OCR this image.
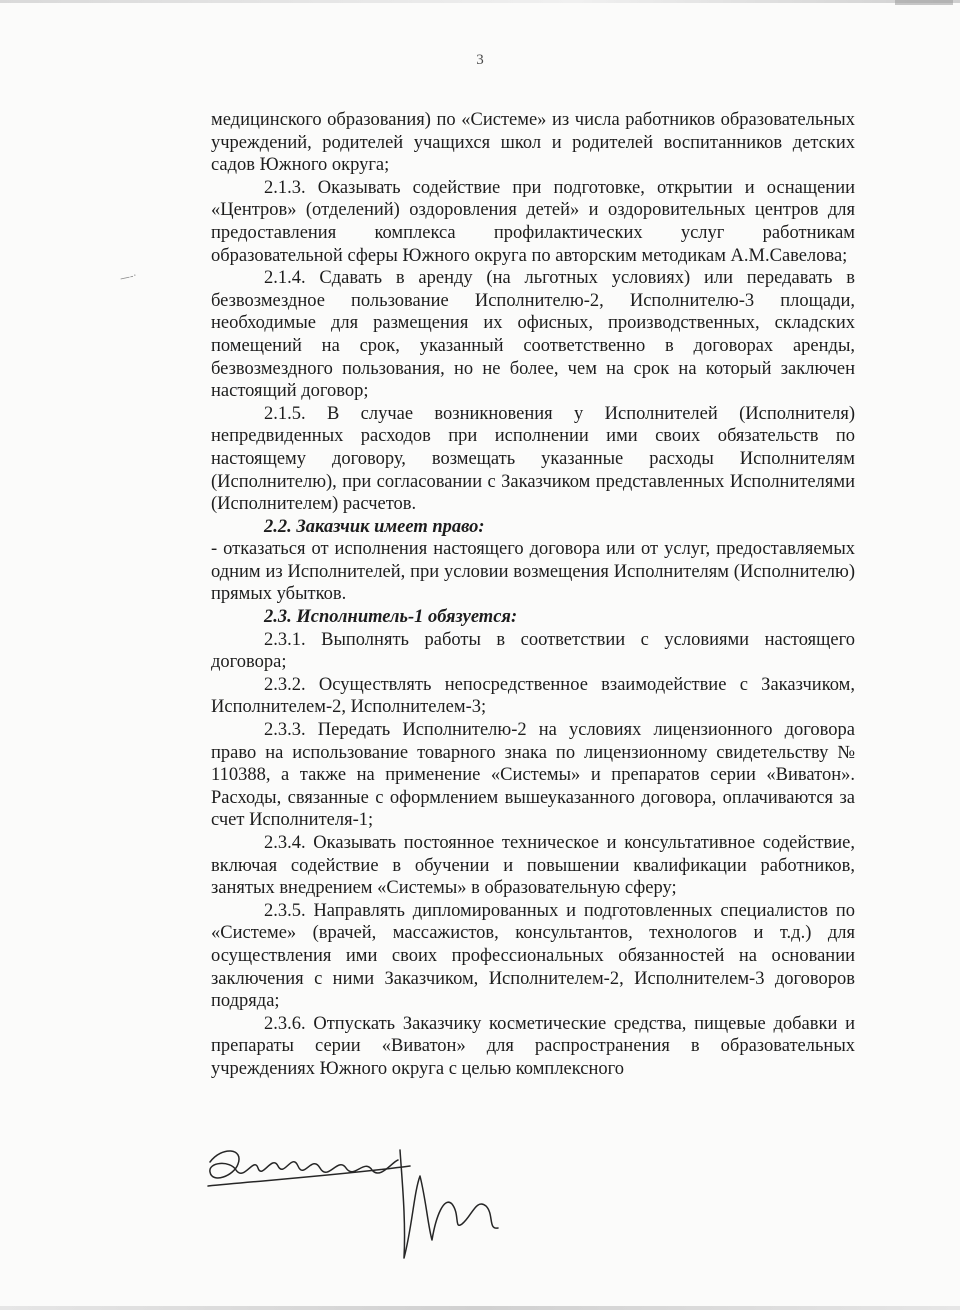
—-·
3

медицинского образования) по «Системе» из числа работников образовательных учреждений, родителей учащихся школ и родителей воспитанников детских садов Южного округа;

2.1.3. Оказывать содействие при подготовке, открытии и оснащении «Центров» (отделений) оздоровления детей» и оздоровительных центров для предоставления комплекса профилактических услуг работникам образовательной сферы Южного округа по авторским методикам А.М.Савелова;

2.1.4. Сдавать в аренду (на льготных условиях) или передавать в безвозмездное пользование Исполнителю-2, Исполнителю-3 площади, необходимые для размещения их офисных, производственных, складских помещений на срок, указанный соответственно в договорах аренды, безвозмездного пользования, но не более, чем на срок на который заключен настоящий договор;

2.1.5. В случае возникновения у Исполнителей (Исполнителя) непредвиденных расходов при исполнении ими своих обязательств по настоящему договору, возмещать указанные расходы Исполнителям (Исполнителю), при согласовании с Заказчиком представленных Исполнителями (Исполнителем) расчетов.

2.2. Заказчик имеет право:

- отказаться от исполнения настоящего договора или от услуг, предоставляемых одним из Исполнителей, при условии возмещения Исполнителям (Исполнителю) прямых убытков.

2.3. Исполнитель-1 обязуется:

2.3.1. Выполнять работы в соответствии с условиями настоящего договора;

2.3.2. Осуществлять непосредственное взаимодействие с Заказчиком, Исполнителем-2, Исполнителем-3;

2.3.3. Передать Исполнителю-2 на условиях лицензионного договора право на использование товарного знака по лицензионному свидетельству № 110388, а также на применение «Системы» и препаратов серии «Виватон». Расходы, связанные с оформлением вышеуказанного договора, оплачиваются за счет Исполнителя-1;

2.3.4. Оказывать постоянное техническое и консультативное содействие, включая содействие в обучении и повышении квалификации работников, занятых внедрением «Системы» в образовательную сферу;

2.3.5. Направлять дипломированных и подготовленных специалистов по «Системе» (врачей, массажистов, консультантов, технологов и т.д.) для осуществления ими своих профессиональных обязанностей на основании заключения с ними Заказчиком, Исполнителем-2, Исполнителем-3 договоров подряда;

2.3.6. Отпускать Заказчику косметические средства, пищевые добавки и препараты серии «Виватон» для распространения в образовательных учреждениях Южного округа с целью комплексного
